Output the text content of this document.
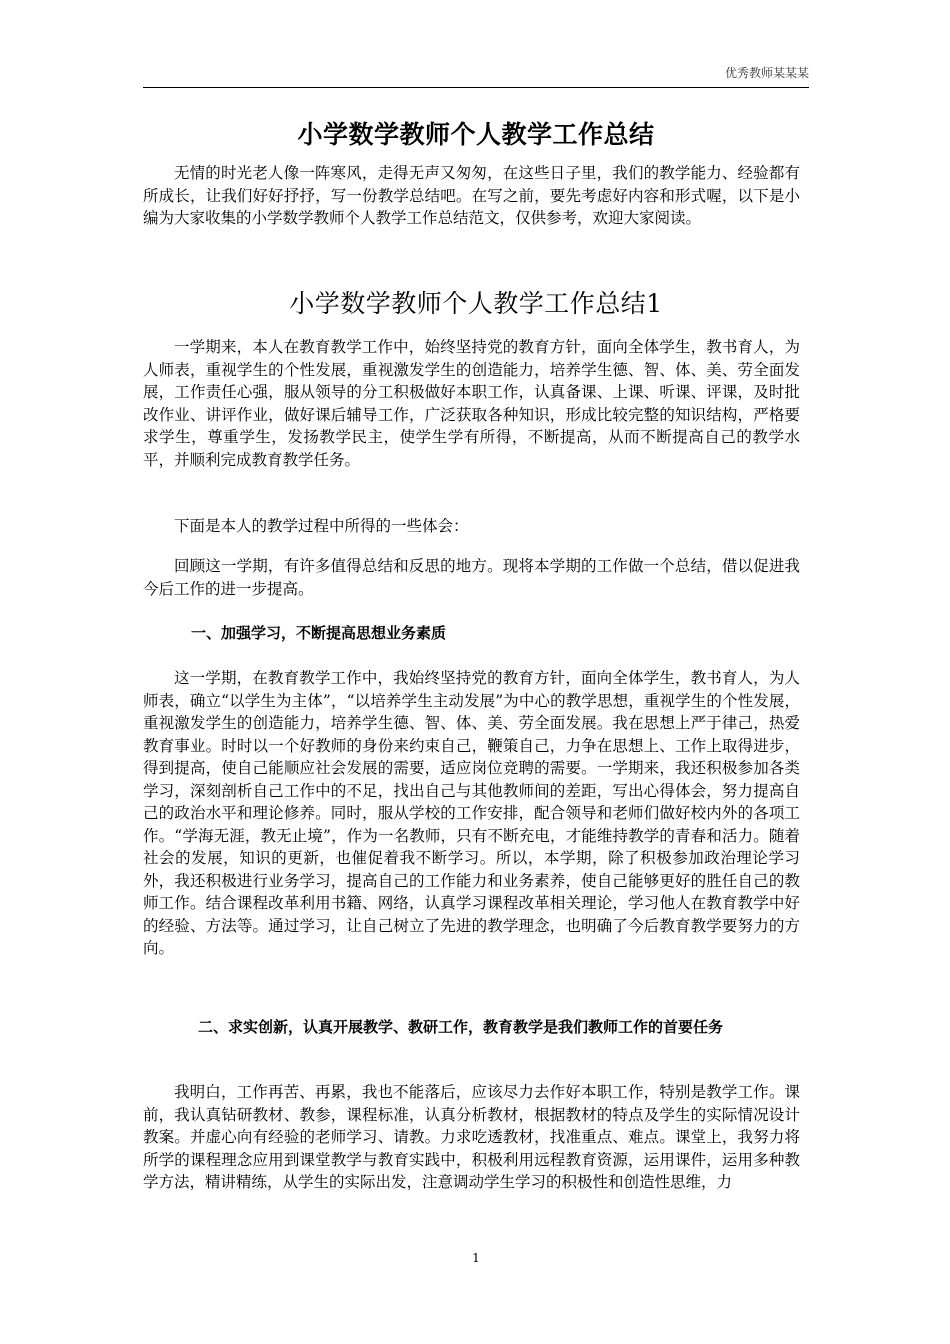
优秀教师某某某
小学数学教师个人教学工作总结

无情的时光老人像一阵寒风，走得无声又匆匆，在这些日子里，我们的教学能力、经验都有所成长，让我们好好抒抒，写一份教学总结吧。在写之前，要先考虑好内容和形式喔，以下是小编为大家收集的小学数学教师个人教学工作总结范文，仅供参考，欢迎大家阅读。

小学数学教师个人教学工作总结1

一学期来，本人在教育教学工作中，始终坚持党的教育方针，面向全体学生，教书育人，为人师表，重视学生的个性发展，重视激发学生的创造能力，培养学生德、智、体、美、劳全面发展，工作责任心强，服从领导的分工积极做好本职工作，认真备课、上课、听课、评课，及时批改作业、讲评作业，做好课后辅导工作，广泛获取各种知识，形成比较完整的知识结构，严格要求学生，尊重学生，发扬教学民主，使学生学有所得，不断提高，从而不断提高自己的教学水平，并顺利完成教育教学任务。

下面是本人的教学过程中所得的一些体会：

回顾这一学期，有许多值得总结和反思的地方。现将本学期的工作做一个总结，借以促进我今后工作的进一步提高。

一、加强学习，不断提高思想业务素质

这一学期，在教育教学工作中，我始终坚持党的教育方针，面向全体学生，教书育人，为人师表，确立“以学生为主体”，“以培养学生主动发展”为中心的教学思想，重视学生的个性发展，重视激发学生的创造能力，培养学生德、智、体、美、劳全面发展。我在思想上严于律己，热爱教育事业。时时以一个好教师的身份来约束自己，鞭策自己，力争在思想上、工作上取得进步，得到提高，使自己能顺应社会发展的需要，适应岗位竞聘的需要。一学期来，我还积极参加各类学习，深刻剖析自己工作中的不足，找出自己与其他教师间的差距，写出心得体会，努力提高自己的政治水平和理论修养。同时，服从学校的工作安排，配合领导和老师们做好校内外的各项工作。“学海无涯，教无止境”，作为一名教师，只有不断充电，才能维持教学的青春和活力。随着社会的发展，知识的更新，也催促着我不断学习。所以，本学期，除了积极参加政治理论学习外，我还积极进行业务学习，提高自己的工作能力和业务素养，使自己能够更好的胜任自己的教师工作。结合课程改革利用书籍、网络，认真学习课程改革相关理论，学习他人在教育教学中好的经验、方法等。通过学习，让自己树立了先进的教学理念，也明确了今后教育教学要努力的方向。

二、求实创新，认真开展教学、教研工作，教育教学是我们教师工作的首要任务

我明白，工作再苦、再累，我也不能落后，应该尽力去作好本职工作，特别是教学工作。课前，我认真钻研教材、教参，课程标准，认真分析教材，根据教材的特点及学生的实际情况设计教案。并虚心向有经验的老师学习、请教。力求吃透教材，找准重点、难点。课堂上，我努力将所学的课程理念应用到课堂教学与教育实践中，积极利用远程教育资源，运用课件，运用多种教学方法，精讲精练，从学生的实际出发，注意调动学生学习的积极性和创造性思维，力

1
